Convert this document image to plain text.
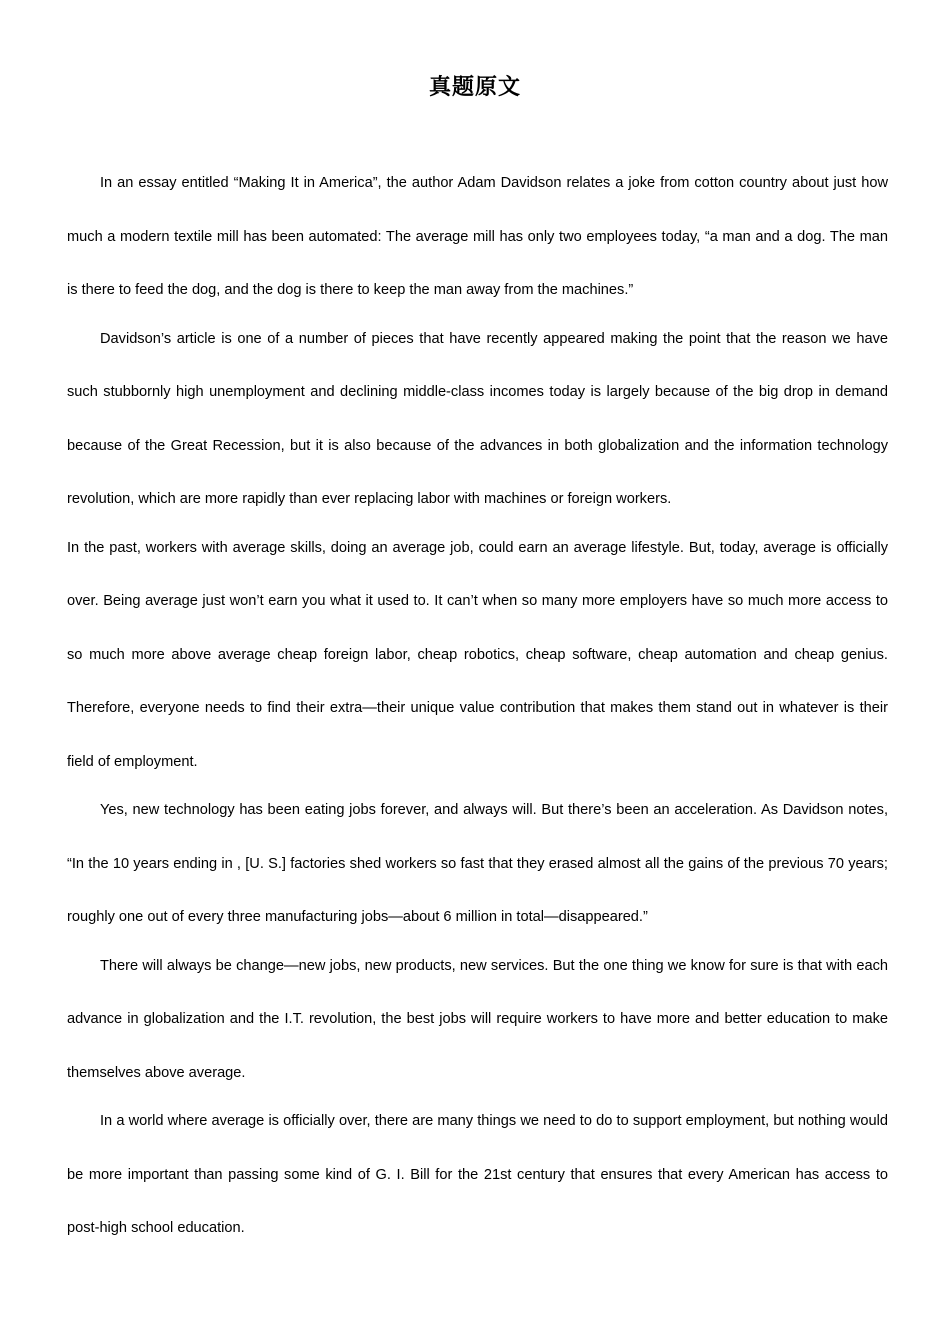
真题原文

In an essay entitled “Making It in America”, the author Adam Davidson relates a joke from cotton country about just how much a modern textile mill has been automated: The average mill has only two employees today, “a man and a dog. The man is there to feed the dog, and the dog is there to keep the man away from the machines.”

Davidson’s article is one of a number of pieces that have recently appeared making the point that the reason we have such stubbornly high unemployment and declining middle-class incomes today is largely because of the big drop in demand because of the Great Recession, but it is also because of the advances in both globalization and the information technology revolution, which are more rapidly than ever replacing labor with machines or foreign workers.

In the past, workers with average skills, doing an average job, could earn an average lifestyle. But, today, average is officially over. Being average just won’t earn you what it used to. It can’t when so many more employers have so much more access to so much more above average cheap foreign labor, cheap robotics, cheap software, cheap automation and cheap genius. Therefore, everyone needs to find their extra—their unique value contribution that makes them stand out in whatever is their field of employment.

Yes, new technology has been eating jobs forever, and always will. But there’s been an acceleration. As Davidson notes, “In the 10 years ending in , [U. S.] factories shed workers so fast that they erased almost all the gains of the previous 70 years; roughly one out of every three manufacturing jobs—about 6 million in total—disappeared.”

There will always be change—new jobs, new products, new services. But the one thing we know for sure is that with each advance in globalization and the I.T. revolution, the best jobs will require workers to have more and better education to make themselves above average.

In a world where average is officially over, there are many things we need to do to support employment, but nothing would be more important than passing some kind of G. I. Bill for the 21st century that ensures that every American has access to post-high school education.
